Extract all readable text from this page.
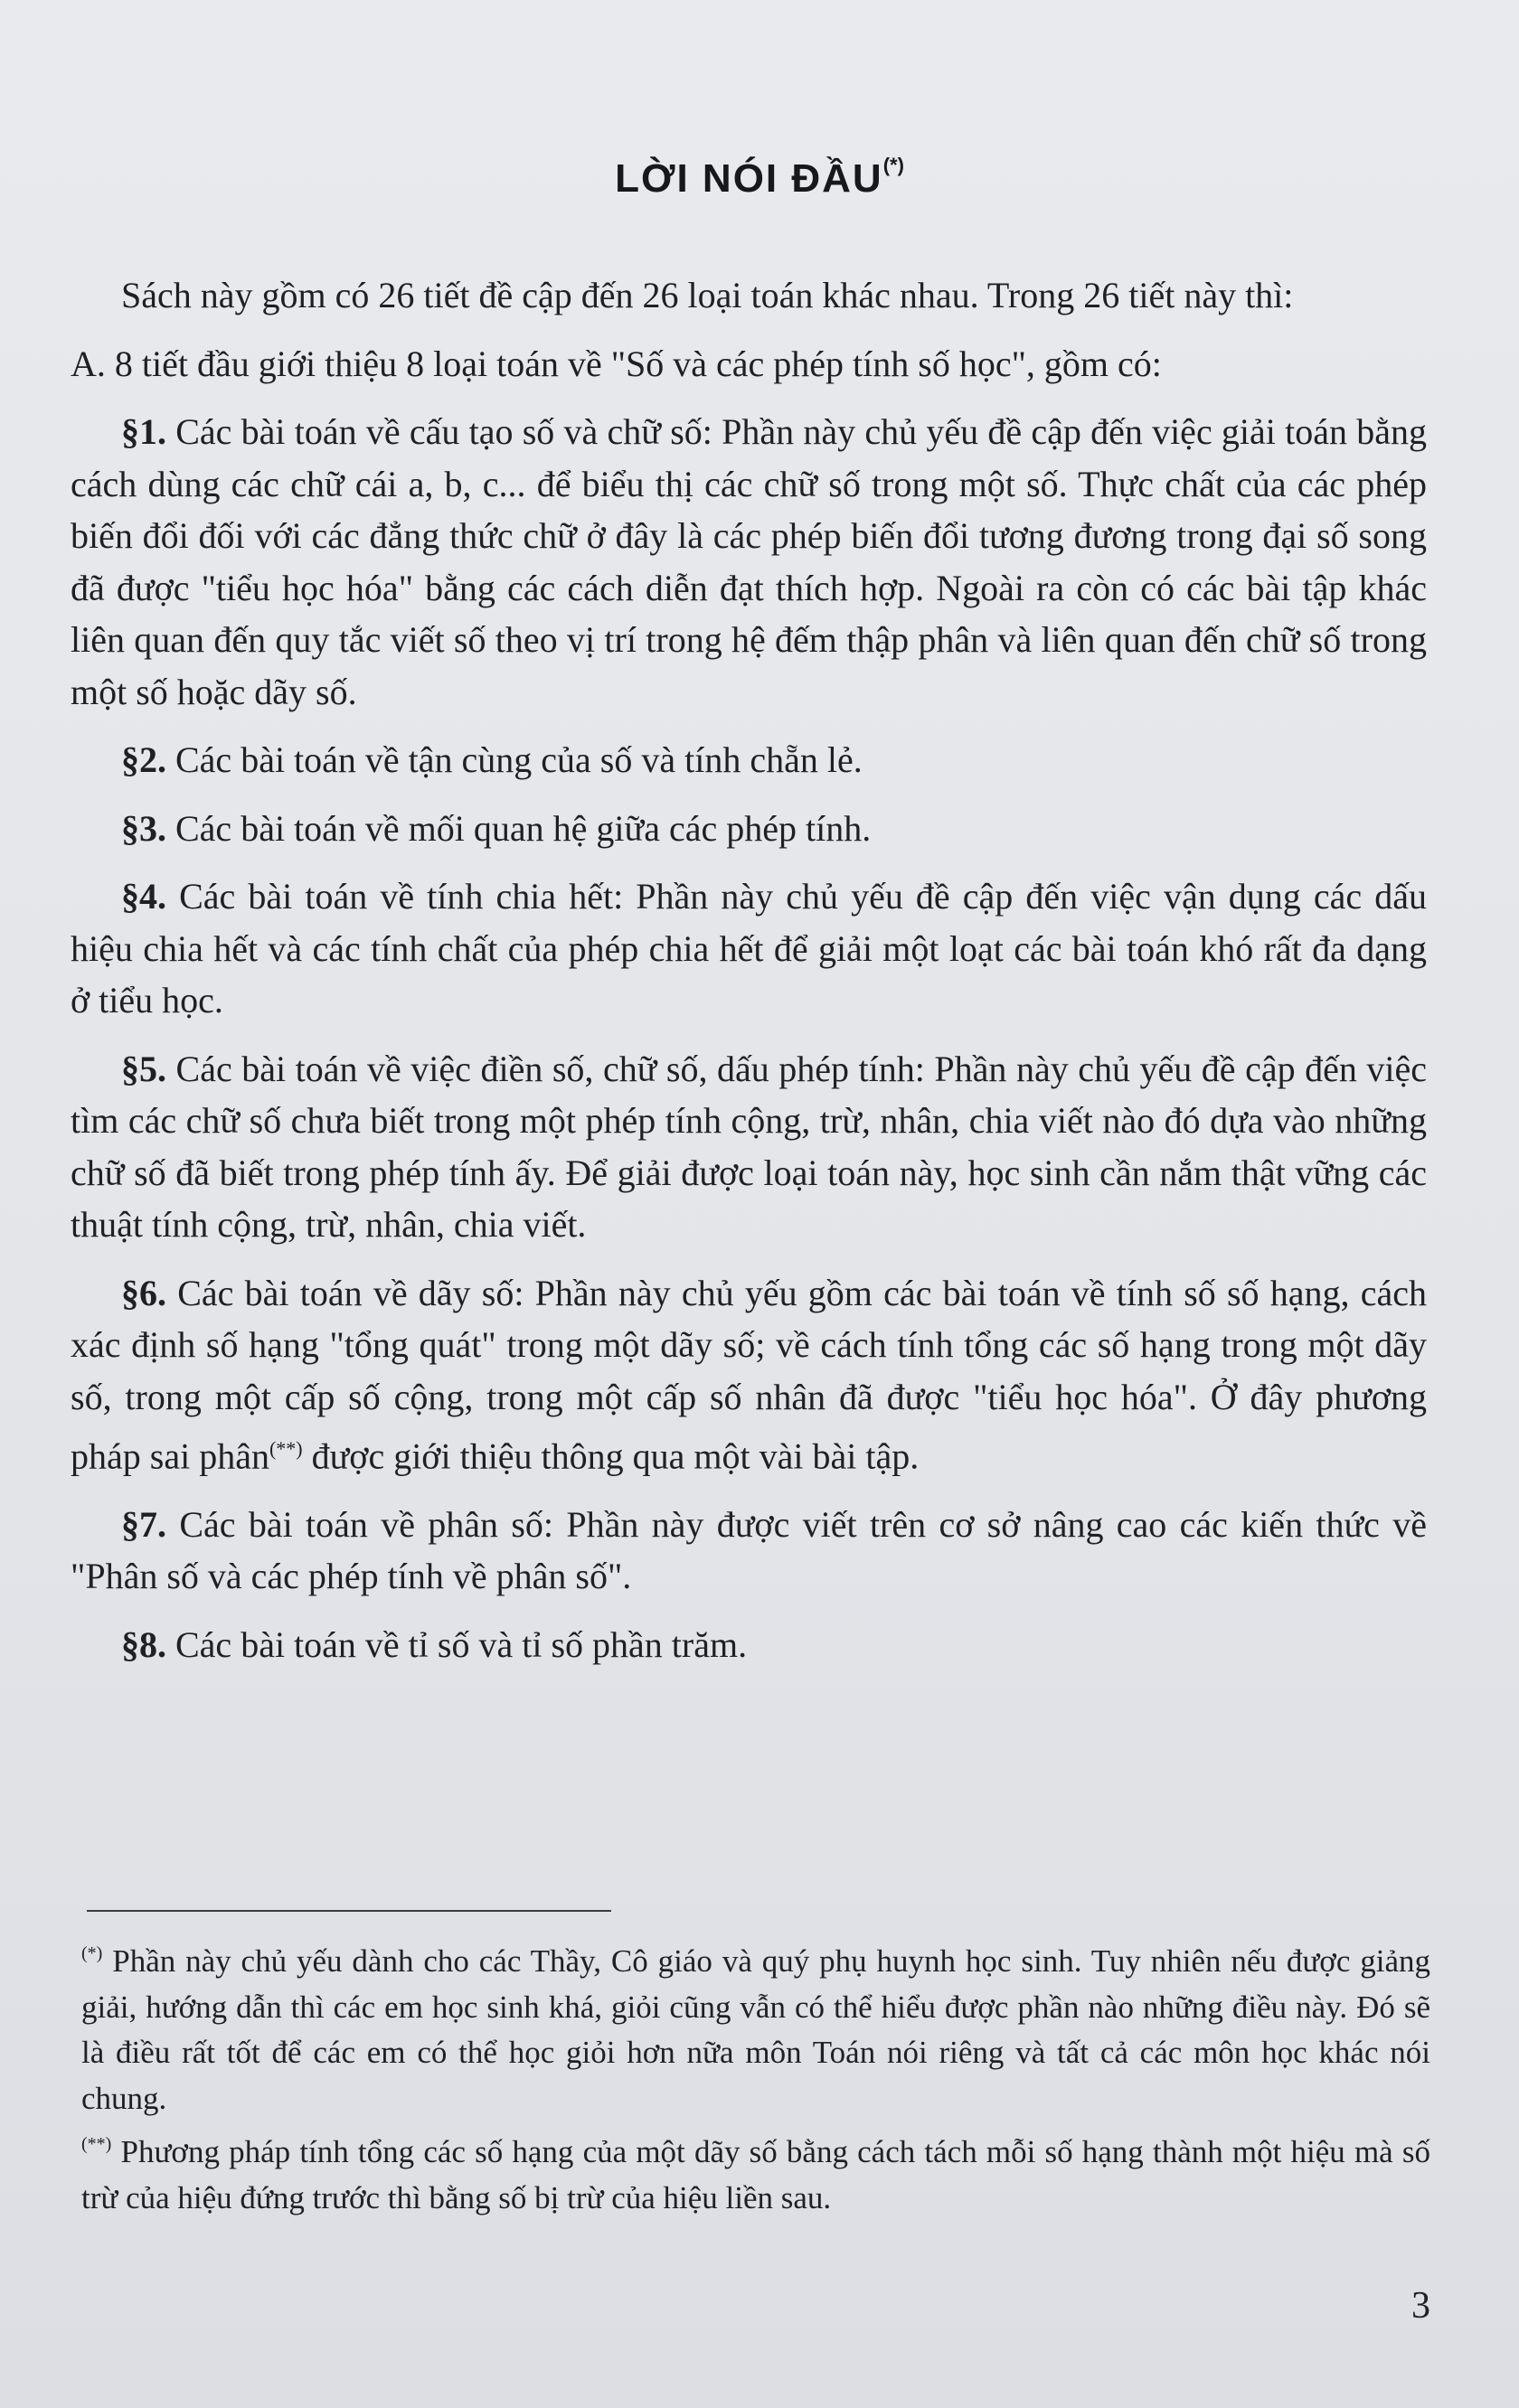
LỜI NÓI ĐẦU(*)

Sách này gồm có 26 tiết đề cập đến 26 loại toán khác nhau. Trong 26 tiết này thì:

A. 8 tiết đầu giới thiệu 8 loại toán về "Số và các phép tính số học", gồm có:

§1. Các bài toán về cấu tạo số và chữ số: Phần này chủ yếu đề cập đến việc giải toán bằng cách dùng các chữ cái a, b, c... để biểu thị các chữ số trong một số. Thực chất của các phép biến đổi đối với các đẳng thức chữ ở đây là các phép biến đổi tương đương trong đại số song đã được "tiểu học hóa" bằng các cách diễn đạt thích hợp. Ngoài ra còn có các bài tập khác liên quan đến quy tắc viết số theo vị trí trong hệ đếm thập phân và liên quan đến chữ số trong một số hoặc dãy số.

§2. Các bài toán về tận cùng của số và tính chẵn lẻ.

§3. Các bài toán về mối quan hệ giữa các phép tính.

§4. Các bài toán về tính chia hết: Phần này chủ yếu đề cập đến việc vận dụng các dấu hiệu chia hết và các tính chất của phép chia hết để giải một loạt các bài toán khó rất đa dạng ở tiểu học.

§5. Các bài toán về việc điền số, chữ số, dấu phép tính: Phần này chủ yếu đề cập đến việc tìm các chữ số chưa biết trong một phép tính cộng, trừ, nhân, chia viết nào đó dựa vào những chữ số đã biết trong phép tính ấy. Để giải được loại toán này, học sinh cần nắm thật vững các thuật tính cộng, trừ, nhân, chia viết.

§6. Các bài toán về dãy số: Phần này chủ yếu gồm các bài toán về tính số số hạng, cách xác định số hạng "tổng quát" trong một dãy số; về cách tính tổng các số hạng trong một dãy số, trong một cấp số cộng, trong một cấp số nhân đã được "tiểu học hóa". Ở đây phương pháp sai phân(**) được giới thiệu thông qua một vài bài tập.

§7. Các bài toán về phân số: Phần này được viết trên cơ sở nâng cao các kiến thức về "Phân số và các phép tính về phân số".

§8. Các bài toán về tỉ số và tỉ số phần trăm.

(*) Phần này chủ yếu dành cho các Thầy, Cô giáo và quý phụ huynh học sinh. Tuy nhiên nếu được giảng giải, hướng dẫn thì các em học sinh khá, giỏi cũng vẫn có thể hiểu được phần nào những điều này. Đó sẽ là điều rất tốt để các em có thể học giỏi hơn nữa môn Toán nói riêng và tất cả các môn học khác nói chung.

(**) Phương pháp tính tổng các số hạng của một dãy số bằng cách tách mỗi số hạng thành một hiệu mà số trừ của hiệu đứng trước thì bằng số bị trừ của hiệu liền sau.

3
